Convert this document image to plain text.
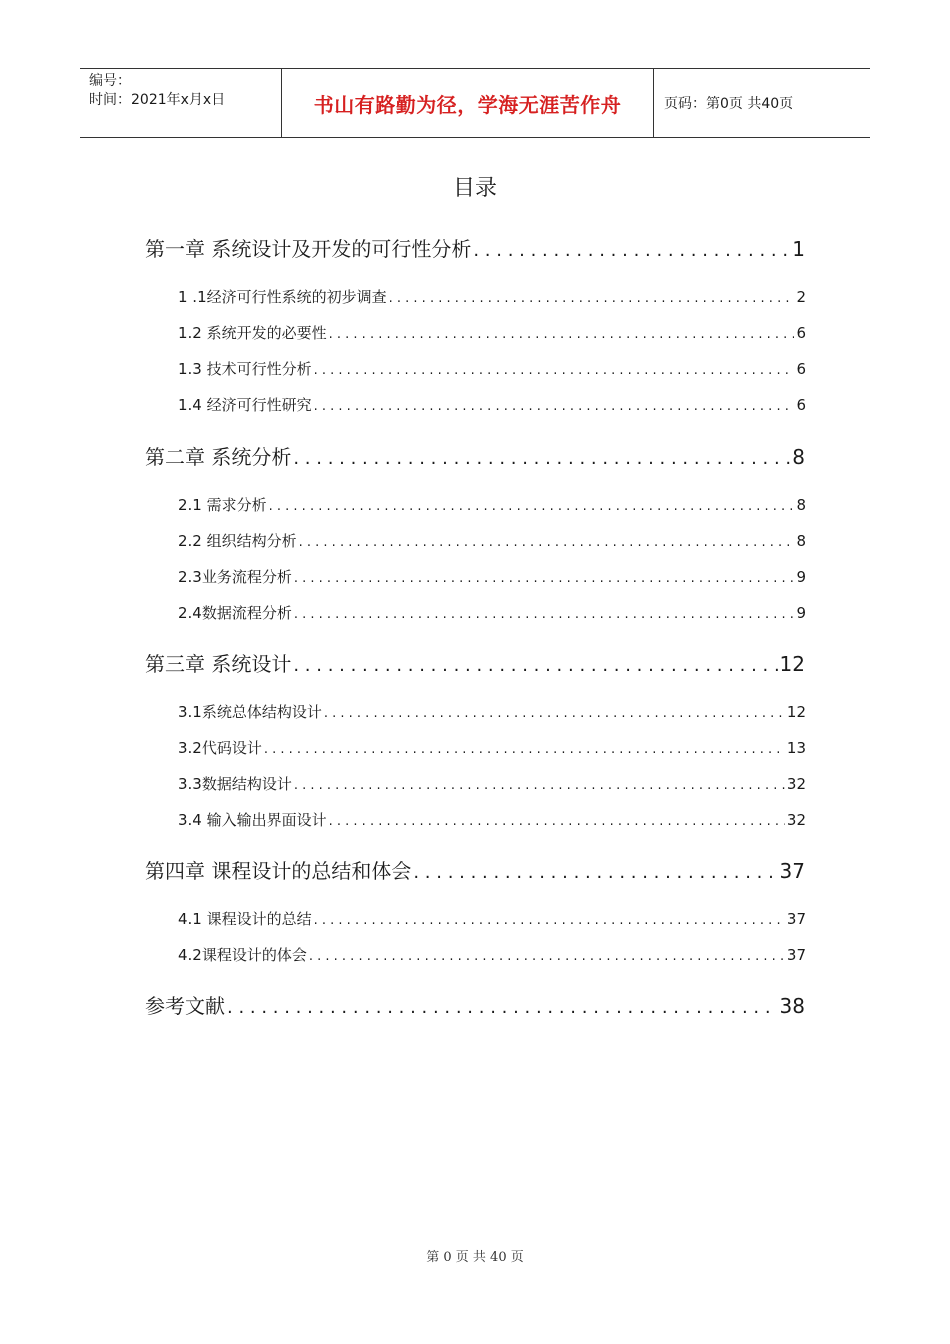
编号：
时间：2021年x月x日	书山有路勤为径，学海无涯苦作舟	页码：第0页 共40页
目录
第一章 系统设计及开发的可行性分析 . . .	1
1 .1经济可行性系统的初步调查 . . .	2
1.2 系统开发的必要性 . . .	6
1.3 技术可行性分析 . . .	6
1.4 经济可行性研究 . . .	6
第二章 系统分析 . . .	8
2.1 需求分析 . . .	8
2.2 组织结构分析 . . .	8
2.3业务流程分析 . . .	9
2.4数据流程分析 . . .	9
第三章 系统设计 . . .	12
3.1系统总体结构设计 . . .	12
3.2代码设计 . . .	13
3.3数据结构设计 . . .	32
3.4 输入输出界面设计 . . .	32
第四章 课程设计的总结和体会 . . .	37
4.1 课程设计的总结 . . .	37
4.2课程设计的体会 . . .	37
参考文献 . . .	38
第 0 页 共 40 页
